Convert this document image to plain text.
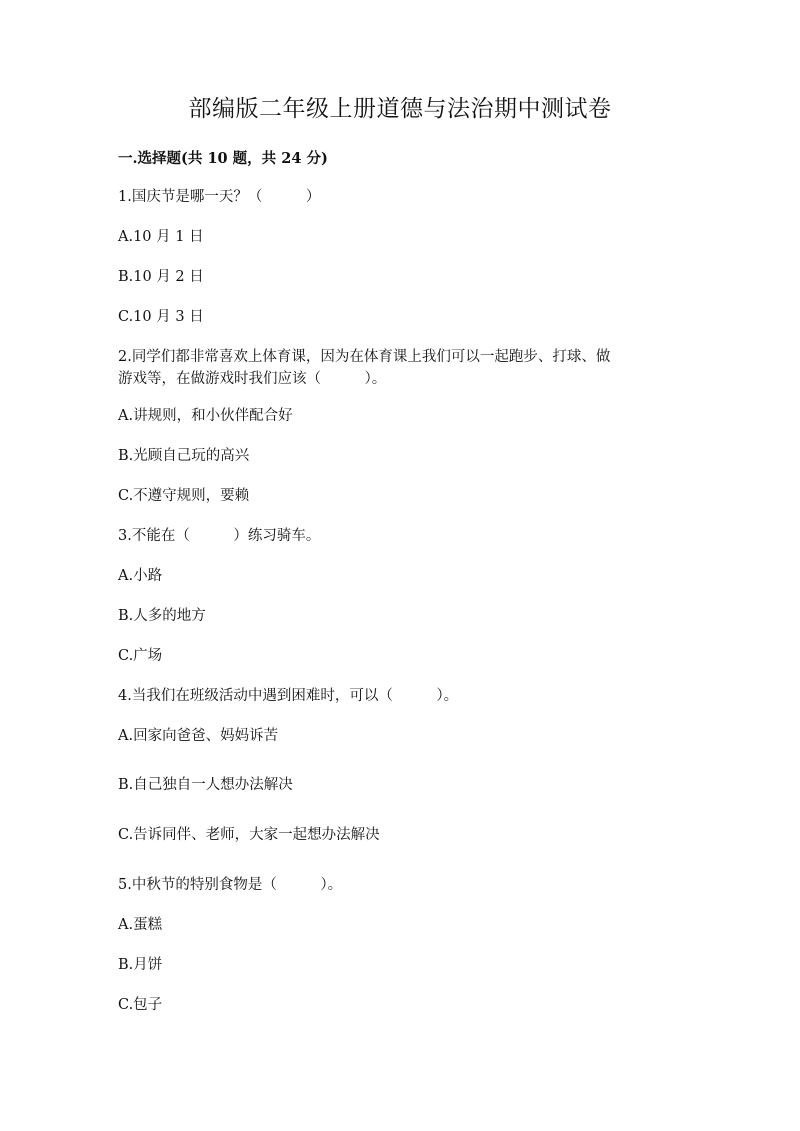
部编版二年级上册道德与法治期中测试卷
一.选择题(共 10 题，共 24 分)
1.国庆节是哪一天？（　　　）
A.10 月 1 日
B.10 月 2 日
C.10 月 3 日
2.同学们都非常喜欢上体育课，因为在体育课上我们可以一起跑步、打球、做
游戏等，在做游戏时我们应该（　　　）。
A.讲规则，和小伙伴配合好
B.光顾自己玩的高兴
C.不遵守规则，要赖
3.不能在（　　　）练习骑车。
A.小路
B.人多的地方
C.广场
4.当我们在班级活动中遇到困难时，可以（　　　）。
A.回家向爸爸、妈妈诉苦
B.自己独自一人想办法解决
C.告诉同伴、老师，大家一起想办法解决
5.中秋节的特别食物是（　　　）。
A.蛋糕
B.月饼
C.包子
